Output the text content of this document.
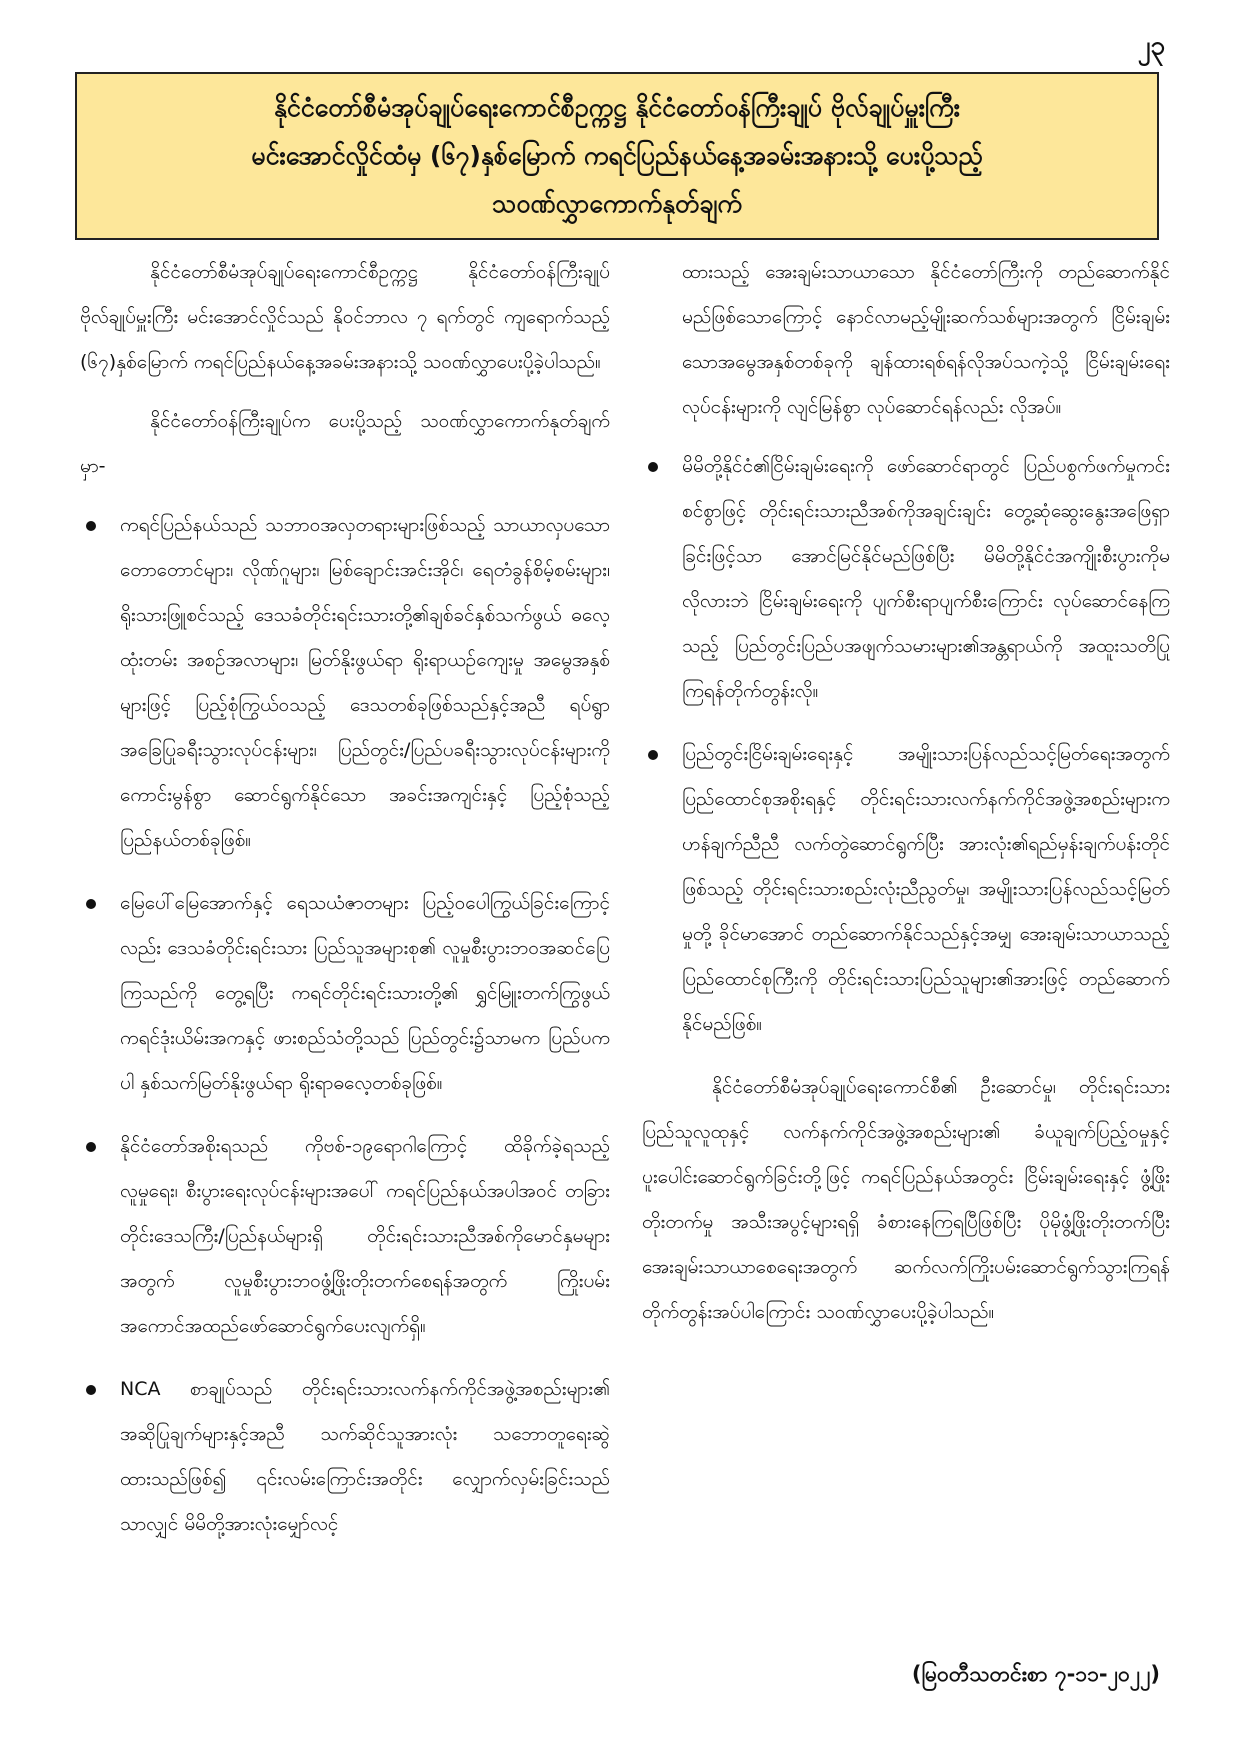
၂၃
နိုင်ငံတော်စီမံအုပ်ချုပ်ရေးကောင်စီဥက္ကဋ္ဌ နိုင်ငံတော်ဝန်ကြီးချုပ် ဗိုလ်ချုပ်မှူးကြီး
မင်းအောင်လှိုင်ထံမှ (၆၇)နှစ်မြောက် ကရင်ပြည်နယ်နေ့အခမ်းအနားသို့ ပေးပို့သည့်
သဝဏ်လွှာကောက်နုတ်ချက်

နိုင်ငံတော်စီမံအုပ်ချုပ်ရေးကောင်စီဥက္ကဋ္ဌ နိုင်ငံတော်ဝန်ကြီးချုပ် ဗိုလ်ချုပ်မှူးကြီး မင်းအောင်လှိုင်သည် နိုဝင်ဘာလ ၇ ရက်တွင် ကျရောက်သည့် (၆၇)နှစ်မြောက် ကရင်ပြည်နယ်နေ့အခမ်းအနားသို့ သဝဏ်လွှာပေးပို့ခဲ့ပါသည်။

နိုင်ငံတော်ဝန်ကြီးချုပ်က ပေးပို့သည့် သဝဏ်လွှာကောက်နုတ်ချက်မှာ-

ကရင်ပြည်နယ်သည် သဘာဝအလှတရားများဖြစ်သည့် သာယာလှပသော တောတောင်များ၊ လိုဏ်ဂူများ၊ မြစ်ချောင်းအင်းအိုင်၊ ရေတံခွန်စိမ့်စမ်းများ၊ ရိုးသားဖြူစင်သည့် ဒေသခံတိုင်းရင်းသားတို့၏ချစ်ခင်နှစ်သက်ဖွယ် ဓလေ့ထုံးတမ်း အစဉ်အလာများ၊ မြတ်နိုးဖွယ်ရာ ရိုးရာယဉ်ကျေးမှု အမွေအနှစ်များဖြင့် ပြည့်စုံကြွယ်ဝသည့် ဒေသတစ်ခုဖြစ်သည်နှင့်အညီ ရပ်ရွာအခြေပြုခရီးသွားလုပ်ငန်းများ၊ ပြည်တွင်း/ပြည်ပခရီးသွားလုပ်ငန်းများကို ကောင်းမွန်စွာ ဆောင်ရွက်နိုင်သော အခင်းအကျင်းနှင့် ပြည့်စုံသည့် ပြည်နယ်တစ်ခုဖြစ်။
မြေပေါ်မြေအောက်နှင့် ရေသယံဇာတများ ပြည့်ဝပေါကြွယ်ခြင်းကြောင့်လည်း ဒေသခံတိုင်းရင်းသား ပြည်သူအများစု၏ လူမှုစီးပွားဘဝအဆင်ပြေကြသည်ကို တွေ့ရပြီး ကရင်တိုင်းရင်းသားတို့၏ ရွှင်မြူးတက်ကြွဖွယ် ကရင်ဒုံးယိမ်းအကနှင့် ဖားစည်သံတို့သည် ပြည်တွင်း၌သာမက ပြည်ပကပါ နှစ်သက်မြတ်နိုးဖွယ်ရာ ရိုးရာဓလေ့တစ်ခုဖြစ်။
နိုင်ငံတော်အစိုးရသည် ကိုဗစ်-၁၉ရောဂါကြောင့် ထိခိုက်ခဲ့ရသည့် လူမှုရေး၊ စီးပွားရေးလုပ်ငန်းများအပေါ် ကရင်ပြည်နယ်အပါအဝင် တခြားတိုင်းဒေသကြီး/ပြည်နယ်များရှိ တိုင်းရင်းသားညီအစ်ကိုမောင်နှမများအတွက် လူမှုစီးပွားဘဝဖွံ့ဖြိုးတိုးတက်စေရန်အတွက် ကြိုးပမ်းအကောင်အထည်ဖော်ဆောင်ရွက်ပေးလျက်ရှိ။
NCA စာချုပ်သည် တိုင်းရင်းသားလက်နက်ကိုင်အဖွဲ့အစည်းများ၏ အဆိုပြုချက်များနှင့်အညီ သက်ဆိုင်သူအားလုံး သဘောတူရေးဆွဲထားသည်ဖြစ်၍ ၎င်းလမ်းကြောင်းအတိုင်း လျှောက်လှမ်းခြင်းသည်သာလျှင် မိမိတို့အားလုံးမျှော်လင့်

ထားသည့် အေးချမ်းသာယာသော နိုင်ငံတော်ကြီးကို တည်ဆောက်နိုင်မည်ဖြစ်သောကြောင့် နောင်လာမည့်မျိုးဆက်သစ်များအတွက် ငြိမ်းချမ်းသောအမွေအနှစ်တစ်ခုကို ချန်ထားရစ်ရန်လိုအပ်သကဲ့သို့ ငြိမ်းချမ်းရေးလုပ်ငန်းများကို လျင်မြန်စွာ လုပ်ဆောင်ရန်လည်း လိုအပ်။

မိမိတို့နိုင်ငံ၏ငြိမ်းချမ်းရေးကို ဖော်ဆောင်ရာတွင် ပြည်ပစွက်ဖက်မှုကင်းစင်စွာဖြင့် တိုင်းရင်းသားညီအစ်ကိုအချင်းချင်း တွေ့ဆုံဆွေးနွေးအဖြေရှာခြင်းဖြင့်သာ အောင်မြင်နိုင်မည်ဖြစ်ပြီး မိမိတို့နိုင်ငံအကျိုးစီးပွားကိုမလိုလားဘဲ ငြိမ်းချမ်းရေးကို ပျက်စီးရာပျက်စီးကြောင်း လုပ်ဆောင်နေကြသည့် ပြည်တွင်းပြည်ပအဖျက်သမားများ၏အန္တရာယ်ကို အထူးသတိပြုကြရန်တိုက်တွန်းလို။
ပြည်တွင်းငြိမ်းချမ်းရေးနှင့် အမျိုးသားပြန်လည်သင့်မြတ်ရေးအတွက် ပြည်ထောင်စုအစိုးရနှင့် တိုင်းရင်းသားလက်နက်ကိုင်အဖွဲ့အစည်းများက ဟန်ချက်ညီညီ လက်တွဲဆောင်ရွက်ပြီး အားလုံး၏ရည်မှန်းချက်ပန်းတိုင်ဖြစ်သည့် တိုင်းရင်းသားစည်းလုံးညီညွတ်မှု၊ အမျိုးသားပြန်လည်သင့်မြတ်မှုတို့ ခိုင်မာအောင် တည်ဆောက်နိုင်သည်နှင့်အမျှ အေးချမ်းသာယာသည့်ပြည်ထောင်စုကြီးကို တိုင်းရင်းသားပြည်သူများ၏အားဖြင့် တည်ဆောက်နိုင်မည်ဖြစ်။

နိုင်ငံတော်စီမံအုပ်ချုပ်ရေးကောင်စီ၏ ဦးဆောင်မှု၊ တိုင်းရင်းသားပြည်သူလူထုနှင့် လက်နက်ကိုင်အဖွဲ့အစည်းများ၏ ခံယူချက်ပြည့်ဝမှုနှင့် ပူးပေါင်းဆောင်ရွက်ခြင်းတို့ဖြင့် ကရင်ပြည်နယ်အတွင်း ငြိမ်းချမ်းရေးနှင့် ဖွံ့ဖြိုးတိုးတက်မှု အသီးအပွင့်များရရှိ ခံစားနေကြရပြီဖြစ်ပြီး ပိုမိုဖွံ့ဖြိုးတိုးတက်ပြီး အေးချမ်းသာယာစေရေးအတွက် ဆက်လက်ကြိုးပမ်းဆောင်ရွက်သွားကြရန် တိုက်တွန်းအပ်ပါကြောင်း သဝဏ်လွှာပေးပို့ခဲ့ပါသည်။

(မြဝတီသတင်းစာ ၇-၁၁-၂၀၂၂)
